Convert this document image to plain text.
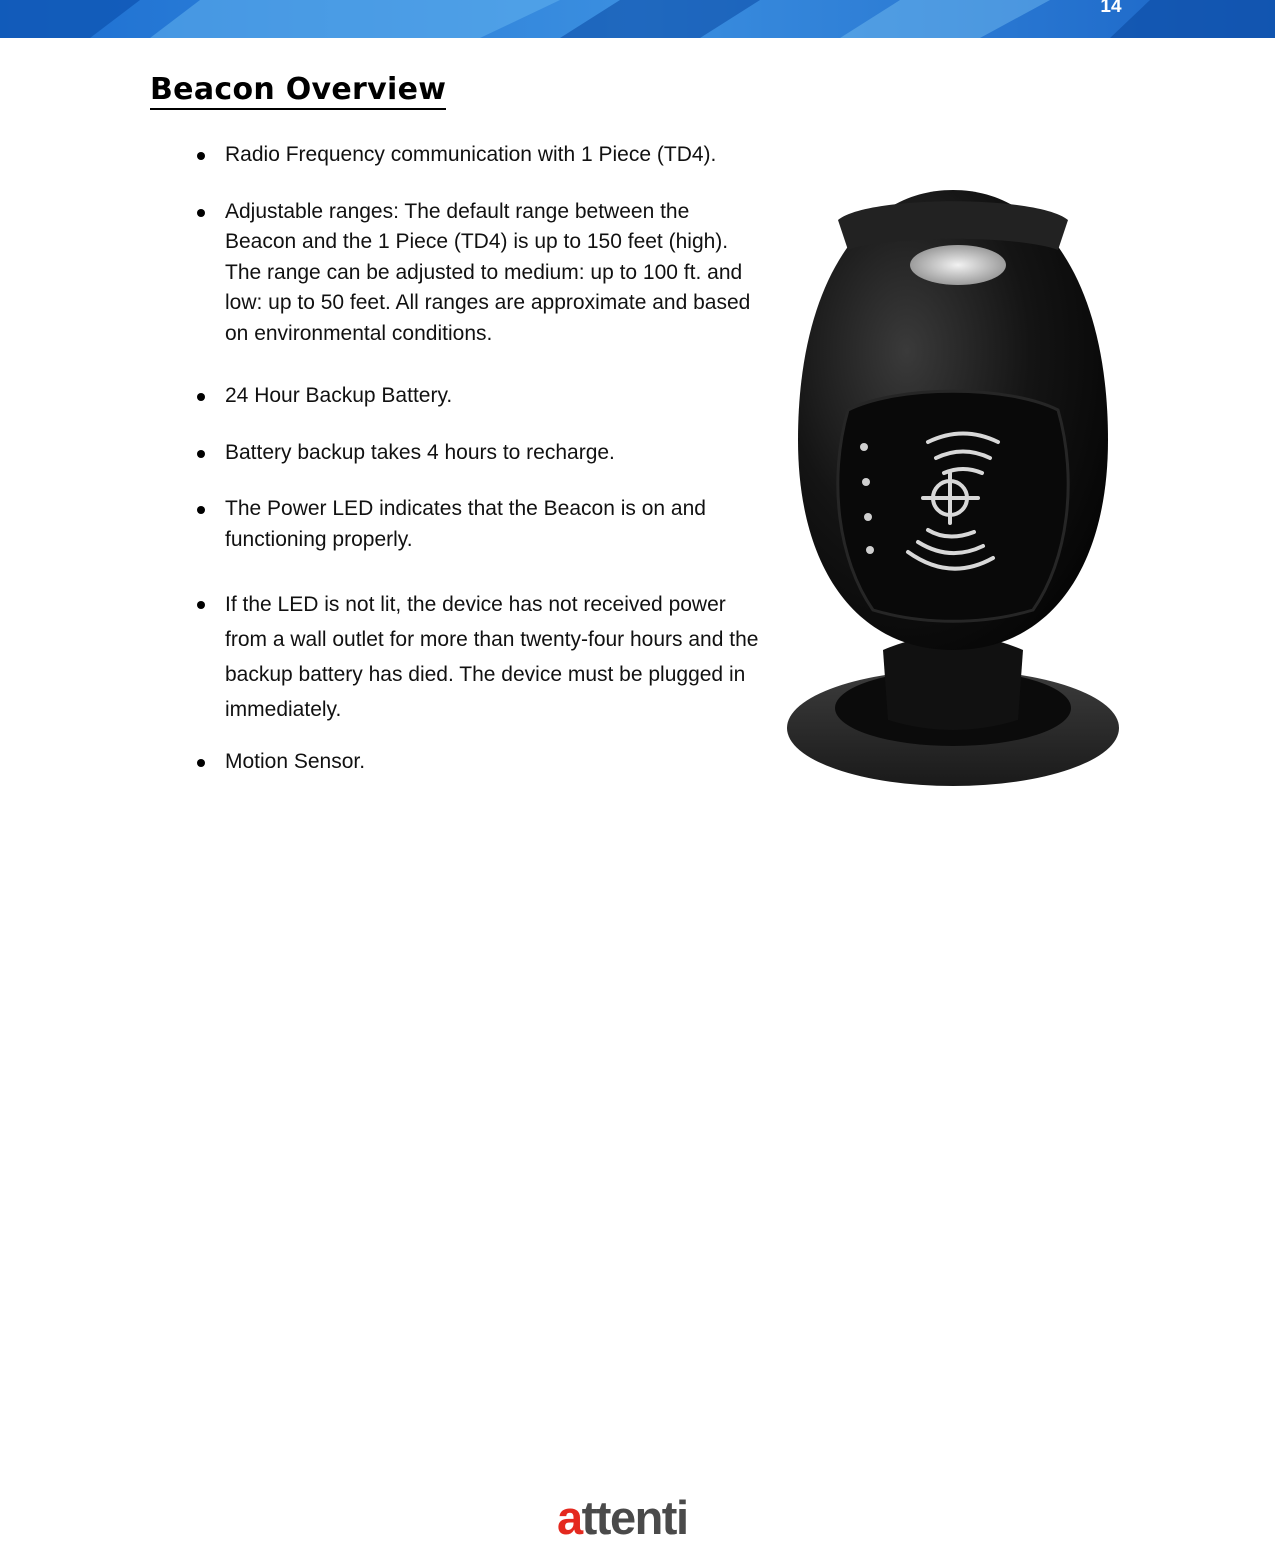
14
Beacon Overview
Radio Frequency communication with 1 Piece (TD4).
Adjustable ranges: The default range between the Beacon and the 1 Piece (TD4) is up to 150 feet (high). The range can be adjusted to medium: up to 100 ft. and low: up to 50 feet. All ranges are approximate and based on environmental conditions.
24 Hour Backup Battery.
Battery backup takes 4 hours to recharge.
The Power LED indicates that the Beacon is on and functioning properly.
If the LED is not lit, the device has not received power from a wall outlet for more than twenty-four hours and the backup battery has died. The device must be plugged in immediately.
Motion Sensor.
attenti
